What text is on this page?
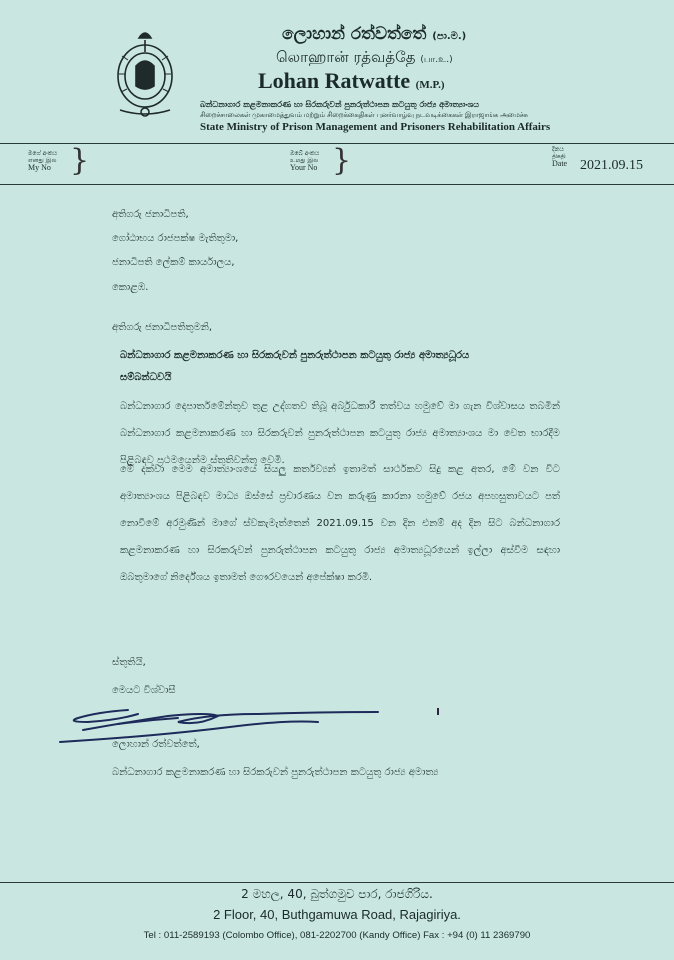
ලොහාන් රත්වත්තේ (පා.ම.)
லொஹான் ரத்வத்தே (பா.உ.)
Lohan Ratwatte (M.P.)
බන්ධනාගාර කළමනාකරණ හා සිරකරුවන් පුනරුත්ථාපන කටයුතු රාජ්‍ය අමාත්‍යාංශය
சிறைச்சாலைகள் முகாமைத்துவம் மற்றும் சிறைக்கைதிகள் புனர்வாழ்வு நடவடிக்கைகள் இராஜாங்க அமைச்சு
State Ministry of Prison Management and Prisoners Rehabilitation Affairs
මගේ අංකය
எனது இல
My No }	ඔබේ අංකය
உமது இல
Your No }	දිනය
திகதி
Date 2021.09.15
අතිගරු ජනාධිපති,
ගෝඨාභය රාජපක්ෂ මැතිතුමා,
ජනාධිපති ලේකම් කාර්යාලය,
කොළඹ.
අතිගරු ජනාධිපතිතුමනි,
බන්ධනාගාර කළමනාකරණ හා සිරකරුවන් පුනරුත්ථාපන කටයුතු රාජ්‍ය අමාත්‍යධූරය
සම්බන්ධවයි
බන්ධනාගාර දෙපාර්තමේන්තුව තුළ උද්ගතව තිබූ අර්බුධකාරී තත්වය හමුවේ මා ගැන විශ්වාසය තබමින් බන්ධනාගාර කළමනාකරණ හා සිරකරුවන් පුනරුත්ථාපන කටයුතු රාජ්‍ය අමාත්‍යාංශය මා වෙත භාරදීම පිළිබඳව ප්‍රථමයෙන්ම ස්තුතිවන්ත වෙමි.
මේ දක්වා මෙම අමාත්‍යාංශයේ සියලු කර්තව්‍යන් ඉතාමත් සාර්ථකව සිදු කළ අතර, මේ වන විට අමාත්‍යාංශය පිළිබඳව මාධ්‍ය ඔස්සේ ප්‍රචාරණය වන කරුණු කාරනා හමුවේ රජය අපහසුතාවයට පත් නොවීමේ අරමුණින් මාගේ ස්වකැමැත්තෙන් 2021.09.15 වන දින එනම් අද දින සිට බන්ධනාගාර කළමනාකරණ හා සිරකරුවන් පුනරුත්ථාපන කටයුතු රාජ්‍ය අමාත්‍යධූරයෙන් ඉල්ලා අස්වීම සඳහා ඔබතුමාගේ නිර්දේශය ඉතාමත් ගෞරවයෙන් අපේක්ෂා කරමි.
ස්තුතියි,
මෙයට විශ්වාසී
ලොහාන් රත්වත්තේ,
බන්ධනාගාර කළමනාකරණ හා සිරකරුවන් පුනරුත්ථාපන කටයුතු රාජ්‍ය අමාත්‍ය
2 මහල, 40, බුත්ගමුව පාර, රාජගිරිය.
2 Floor, 40, Buthgamuwa Road, Rajagiriya.
Tel : 011-2589193 (Colombo Office), 081-2202700 (Kandy Office) Fax : +94 (0) 11 2369790
